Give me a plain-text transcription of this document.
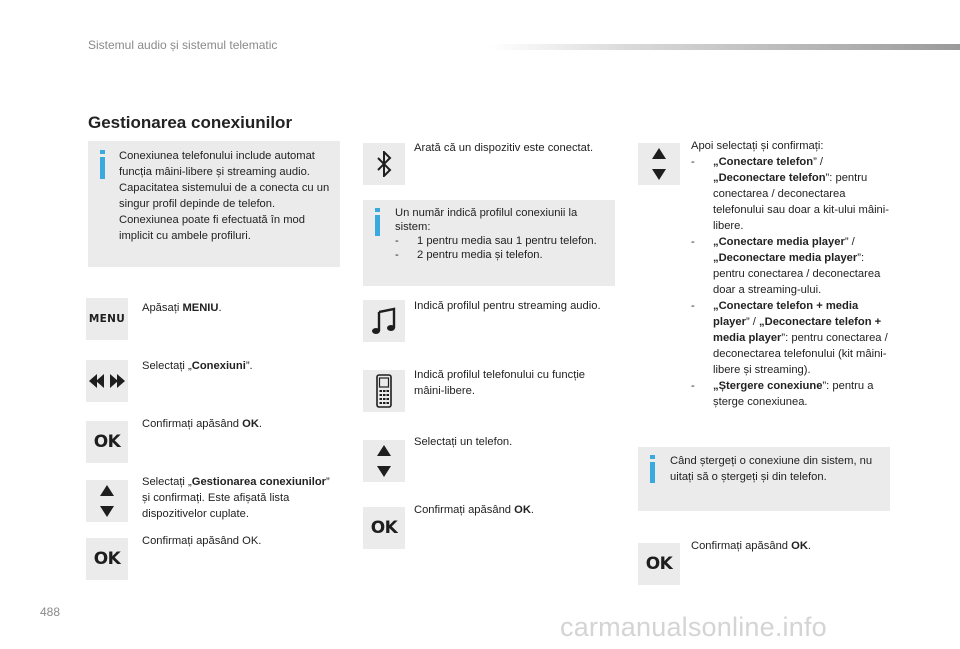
Sistemul audio și sistemul telematic
Gestionarea conexiunilor
Conexiunea telefonului include automat funcția mâini-libere și streaming audio. Capacitatea sistemului de a conecta cu un singur profil depinde de telefon. Conexiunea poate fi efectuată în mod implicit cu ambele profiluri.
MENU
Apăsați MENIU.
Selectați „Conexiuni”.
OK
Confirmați apăsând OK.
Selectați „Gestionarea conexiunilor” și confirmați. Este afișată lista dispozitivelor cuplate.
OK
Confirmați apăsând OK.
Arată că un dispozitiv este conectat.
Un număr indică profilul conexiunii la sistem:
- 1 pentru media sau 1 pentru telefon.
- 2 pentru media și telefon.
Indică profilul pentru streaming audio.
Indică profilul telefonului cu funcție mâini-libere.
Selectați un telefon.
OK
Confirmați apăsând OK.
Apoi selectați și confirmați:
- „Conectare telefon” / „Deconectare telefon”: pentru conectarea / deconectarea telefonului sau doar a kit-ului mâini-libere.
- „Conectare media player” / „Deconectare media player”: pentru conectarea / deconectarea doar a streaming-ului.
- „Conectare telefon + media player” / „Deconectare telefon + media player”: pentru conectarea / deconectarea telefonului (kit mâini-libere și streaming).
- „Ștergere conexiune”: pentru a șterge conexiunea.
Când ștergeți o conexiune din sistem, nu uitați să o ștergeți și din telefon.
OK
Confirmați apăsând OK.
488	carmanualsonline.info
